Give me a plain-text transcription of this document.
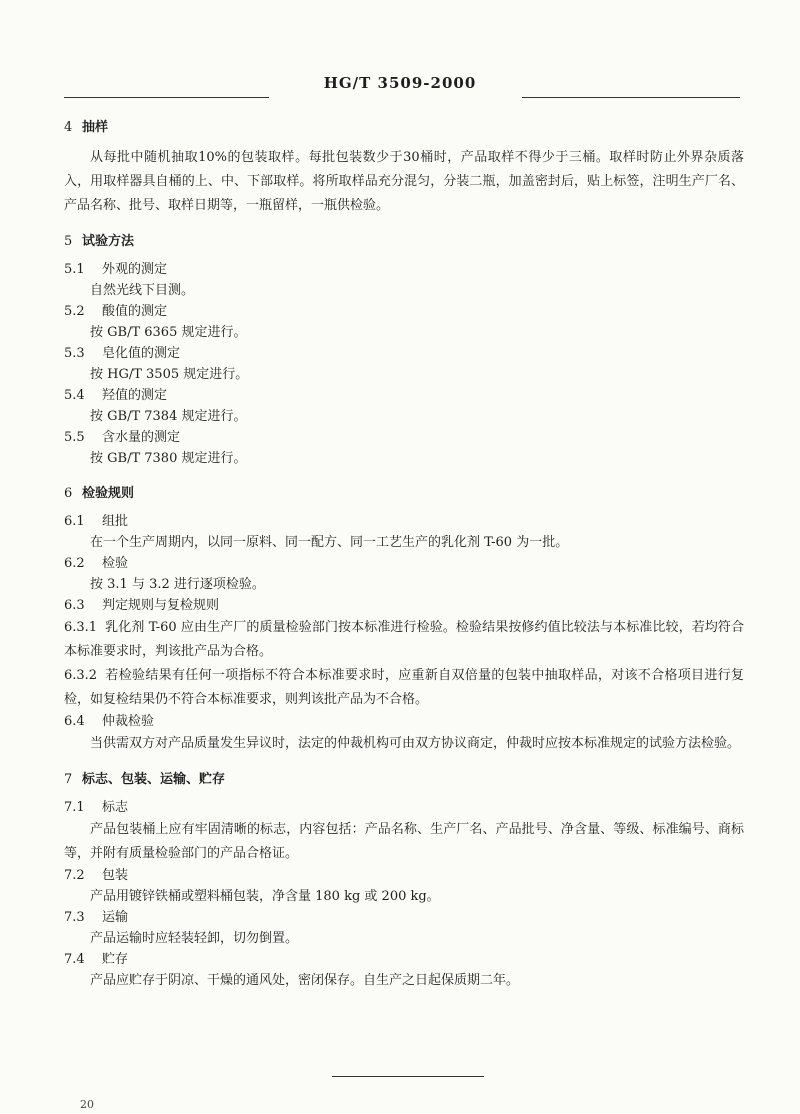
HG/T 3509-2000

4 抽样

从每批中随机抽取10%的包装取样。每批包装数少于30桶时，产品取样不得少于三桶。取样时防止外界杂质落入，用取样器具自桶的上、中、下部取样。将所取样品充分混匀，分装二瓶，加盖密封后，贴上标签，注明生产厂名、产品名称、批号、取样日期等，一瓶留样，一瓶供检验。

5 试验方法

5.1 外观的测定

自然光线下目测。

5.2 酸值的测定

按 GB/T 6365 规定进行。

5.3 皂化值的测定

按 HG/T 3505 规定进行。

5.4 羟值的测定

按 GB/T 7384 规定进行。

5.5 含水量的测定

按 GB/T 7380 规定进行。

6 检验规则

6.1 组批

在一个生产周期内，以同一原料、同一配方、同一工艺生产的乳化剂 T-60 为一批。

6.2 检验

按 3.1 与 3.2 进行逐项检验。

6.3 判定规则与复检规则

6.3.1 乳化剂 T-60 应由生产厂的质量检验部门按本标准进行检验。检验结果按修约值比较法与本标准比较，若均符合本标准要求时，判该批产品为合格。

6.3.2 若检验结果有任何一项指标不符合本标准要求时，应重新自双倍量的包装中抽取样品，对该不合格项目进行复检，如复检结果仍不符合本标准要求，则判该批产品为不合格。

6.4 仲裁检验

当供需双方对产品质量发生异议时，法定的仲裁机构可由双方协议商定，仲裁时应按本标准规定的试验方法检验。

7 标志、包装、运输、贮存

7.1 标志

产品包装桶上应有牢固清晰的标志，内容包括：产品名称、生产厂名、产品批号、净含量、等级、标准编号、商标等，并附有质量检验部门的产品合格证。

7.2 包装

产品用镀锌铁桶或塑料桶包装，净含量 180 kg 或 200 kg。

7.3 运输

产品运输时应轻装轻卸，切勿倒置。

7.4 贮存

产品应贮存于阴凉、干燥的通风处，密闭保存。自生产之日起保质期二年。

20
